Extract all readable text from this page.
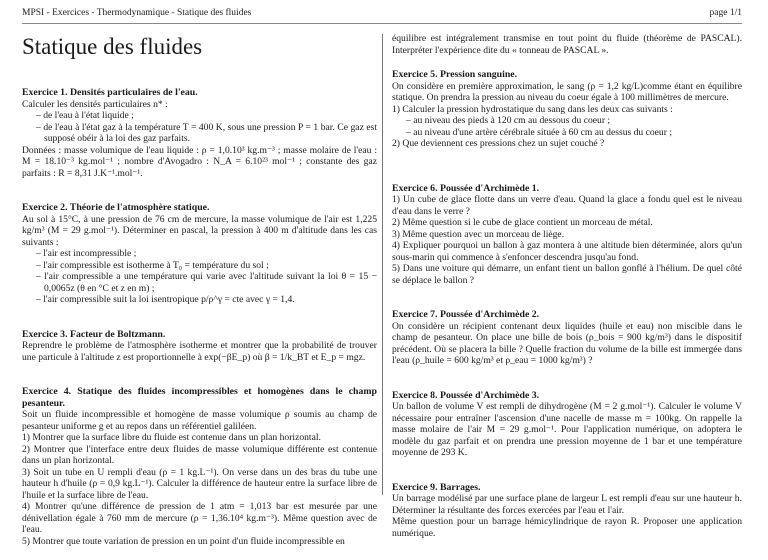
MPSI - Exercices - Thermodynamique - Statique des fluides	page 1/1
Statique des fluides
Exercice 1. Densités particulaires de l'eau.

Calculer les densités particulaires n* :

– de l'eau à l'état liquide ;
– de l'eau à l'état gaz à la température T = 400 K, sous une pression P = 1 bar. Ce gaz est supposé obéir à la loi des gaz parfaits.

Données : masse volumique de l'eau liquide : ρ = 1,0.10³ kg.m⁻³ ; masse molaire de l'eau : M = 18.10⁻³ kg.mol⁻¹ ; nombre d'Avogadro : N_A = 6.10²³ mol⁻¹ ; constante des gaz parfaits : R = 8,31 J.K⁻¹.mol⁻¹.

Exercice 2. Théorie de l'atmosphère statique.

Au sol à 15°C, à une pression de 76 cm de mercure, la masse volumique de l'air est 1,225 kg/m³ (M = 29 g.mol⁻¹). Déterminer en pascal, la pression à 400 m d'altitude dans les cas suivants :

– l'air est incompressible ;
– l'air compressible est isotherme à T₀ = température du sol ;
– l'air compressible a une température qui varie avec l'altitude suivant la loi θ = 15 − 0,0065z (θ en °C et z en m) ;
– l'air compressible suit la loi isentropique p/ρ^γ = cte avec γ = 1,4.
Exercice 3. Facteur de Boltzmann.

Reprendre le problème de l'atmosphère isotherme et montrer que la probabilité de trouver une particule à l'altitude z est proportionnelle à exp(−βE_p) où β = 1/k_BT et E_p = mgz.

Exercice 4. Statique des fluides incompressibles et homogènes dans le champ pesanteur.

Soit un fluide incompressible et homogène de masse volumique ρ soumis au champ de pesanteur uniforme g et au repos dans un référentiel galiléen.

1) Montrer que la surface libre du fluide est contenue dans un plan horizontal.

2) Montrer que l'interface entre deux fluides de masse volumique différente est contenue dans un plan horizontal.

3) Soit un tube en U rempli d'eau (ρ = 1 kg.L⁻¹). On verse dans un des bras du tube une hauteur h d'huile (ρ = 0,9 kg.L⁻¹). Calculer la différence de hauteur entre la surface libre de l'huile et la surface libre de l'eau.

4) Montrer qu'une différence de pression de 1 atm = 1,013 bar est mesurée par une dénivellation égale à 760 mm de mercure (ρ = 1,36.10⁴ kg.m⁻³). Même question avec de l'eau.

5) Montrer que toute variation de pression en un point d'un fluide incompressible en

équilibre est intégralement transmise en tout point du fluide (théorème de PASCAL). Interpréter l'expérience dite du « tonneau de PASCAL ».

Exercice 5. Pression sanguine.

On considère en première approximation, le sang (ρ = 1,2 kg/L)comme étant en équilibre statique. On prendra la pression au niveau du coeur égale à 100 millimètres de mercure.

1) Calculer la pression hydrostatique du sang dans les deux cas suivants :

– au niveau des pieds à 120 cm au dessous du coeur ;
– au niveau d'une artère cérébrale située à 60 cm au dessus du coeur ;

2) Que deviennent ces pressions chez un sujet couché ?

Exercice 6. Poussée d'Archimède 1.

1) Un cube de glace flotte dans un verre d'eau. Quand la glace a fondu quel est le niveau d'eau dans le verre ?

2) Même question si le cube de glace contient un morceau de métal.

3) Même question avec un morceau de liège.

4) Expliquer pourquoi un ballon à gaz montera à une altitude bien déterminée, alors qu'un sous-marin qui commence à s'enfoncer descendra jusqu'au fond.

5) Dans une voiture qui démarre, un enfant tient un ballon gonflé à l'hélium. De quel côté se déplace le ballon ?

Exercice 7. Poussée d'Archimède 2.

On considère un récipient contenant deux liquides (huile et eau) non miscible dans le champ de pesanteur. On place une bille de bois (ρ_bois = 900 kg/m³) dans le dispositif précédent. Où se placera la bille ? Quelle fraction du volume de la bille est immergée dans l'eau (ρ_huile = 600 kg/m³ et ρ_eau = 1000 kg/m³) ?

Exercice 8. Poussée d'Archimède 3.

Un ballon de volume V est rempli de dihydrogène (M = 2 g.mol⁻¹). Calculer le volume V nécessaire pour entraîner l'ascension d'une nacelle de masse m = 100kg. On rappelle la masse molaire de l'air M = 29 g.mol⁻¹. Pour l'application numérique, on adoptera le modèle du gaz parfait et on prendra une pression moyenne de 1 bar et une température moyenne de 293 K.

Exercice 9. Barrages.

Un barrage modélisé par une surface plane de largeur L est rempli d'eau sur une hauteur h. Déterminer la résultante des forces exercées par l'eau et l'air.

Même question pour un barrage hémicylindrique de rayon R. Proposer une application numérique.
